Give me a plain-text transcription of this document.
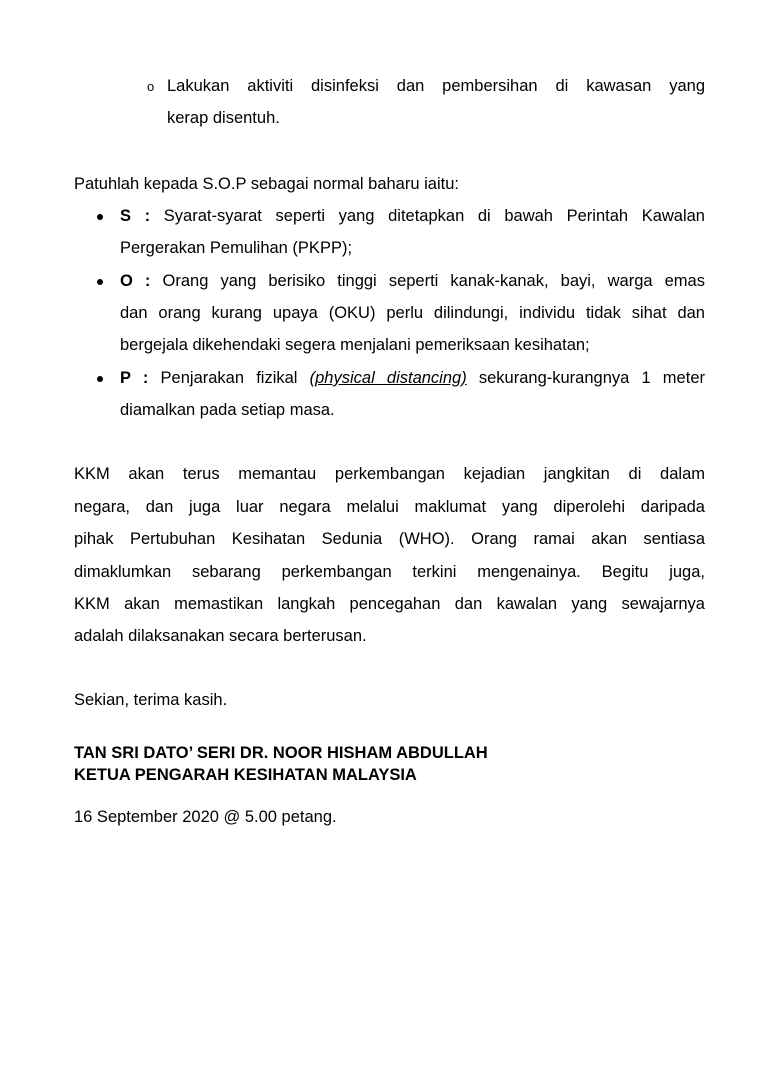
o Lakukan aktiviti disinfeksi dan pembersihan di kawasan yang
kerap disentuh.
Patuhlah kepada S.O.P sebagai normal baharu iaitu:
S : Syarat-syarat seperti yang ditetapkan di bawah Perintah Kawalan
Pergerakan Pemulihan (PKPP);
O : Orang yang berisiko tinggi seperti kanak-kanak, bayi, warga emas
dan orang kurang upaya (OKU) perlu dilindungi, individu tidak sihat dan
bergejala dikehendaki segera menjalani pemeriksaan kesihatan;
P : Penjarakan fizikal (physical distancing) sekurang-kurangnya 1 meter
diamalkan pada setiap masa.
KKM akan terus memantau perkembangan kejadian jangkitan di dalam
negara, dan juga luar negara melalui maklumat yang diperolehi daripada
pihak Pertubuhan Kesihatan Sedunia (WHO). Orang ramai akan sentiasa
dimaklumkan sebarang perkembangan terkini mengenainya. Begitu juga,
KKM akan memastikan langkah pencegahan dan kawalan yang sewajarnya
adalah dilaksanakan secara berterusan.
Sekian, terima kasih.
TAN SRI DATO’ SERI DR. NOOR HISHAM ABDULLAH
KETUA PENGARAH KESIHATAN MALAYSIA
16 September 2020 @ 5.00 petang.
